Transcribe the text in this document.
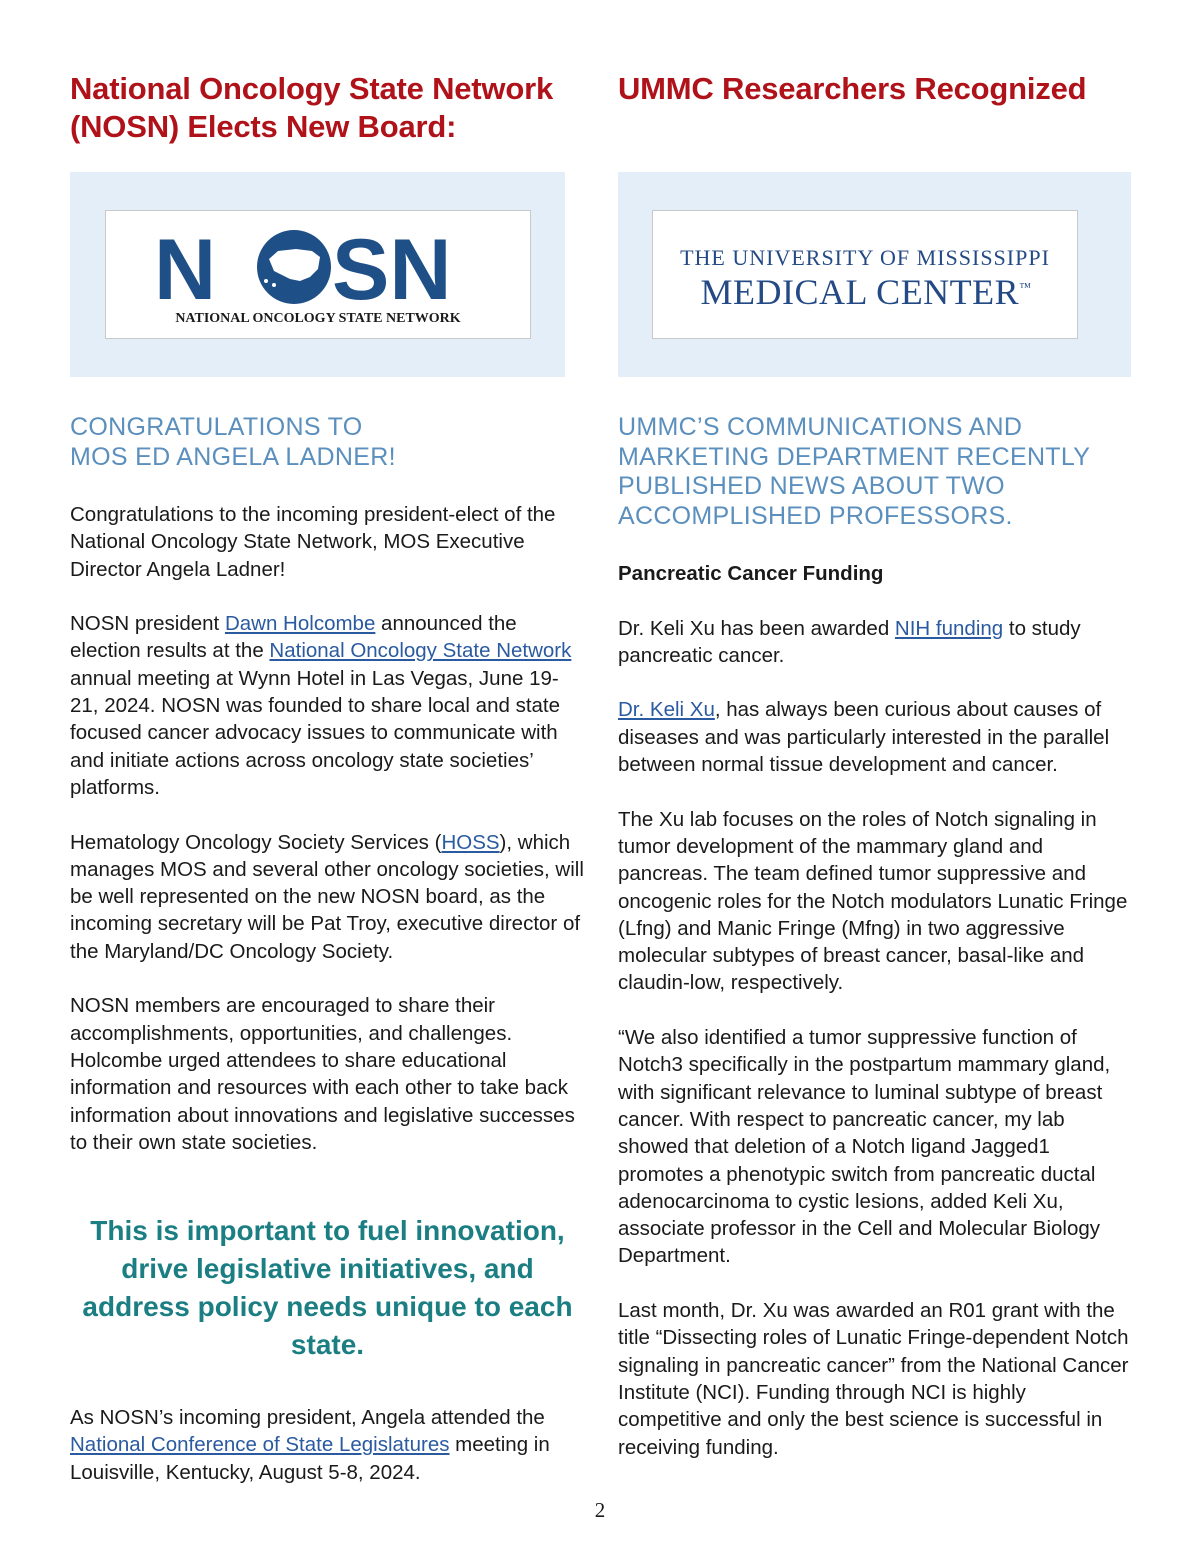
National Oncology State Network
(NOSN) Elects New Board:
N SN
NATIONAL ONCOLOGY STATE NETWORK
CONGRATULATIONS TO
MOS ED ANGELA LADNER!

Congratulations to the incoming president-elect of the National Oncology State Network, MOS Executive Director Angela Ladner!

NOSN president Dawn Holcombe announced the election results at the National Oncology State Network annual meeting at Wynn Hotel in Las Vegas, June 19-21, 2024. NOSN was founded to share local and state focused cancer advocacy issues to communicate with and initiate actions across oncology state societies’ platforms.

Hematology Oncology Society Services (HOSS), which manages MOS and several other oncology societies, will be well represented on the new NOSN board, as the incoming secretary will be Pat Troy, executive director of the Maryland/DC Oncology Society.

NOSN members are encouraged to share their accomplishments, opportunities, and challenges. Holcombe urged attendees to share educational information and resources with each other to take back information about innovations and legislative successes to their own state societies.

This is important to fuel innovation, drive legislative initiatives, and address policy needs unique to each state.

As NOSN’s incoming president, Angela attended the National Conference of State Legislatures meeting in Louisville, Kentucky, August 5-8, 2024.

UMMC Researchers Recognized
THE UNIVERSITY OF MISSISSIPPI
MEDICAL CENTER™
UMMC’S COMMUNICATIONS AND MARKETING DEPARTMENT RECENTLY PUBLISHED NEWS ABOUT TWO ACCOMPLISHED PROFESSORS.

Pancreatic Cancer Funding

Dr. Keli Xu has been awarded NIH funding to study pancreatic cancer.

Dr. Keli Xu, has always been curious about causes of diseases and was particularly interested in the parallel between normal tissue development and cancer.

The Xu lab focuses on the roles of Notch signaling in tumor development of the mammary gland and pancreas. The team defined tumor suppressive and oncogenic roles for the Notch modulators Lunatic Fringe (Lfng) and Manic Fringe (Mfng) in two aggressive molecular subtypes of breast cancer, basal-like and claudin-low, respectively.

“We also identified a tumor suppressive function of Notch3 specifically in the postpartum mammary gland, with significant relevance to luminal subtype of breast cancer. With respect to pancreatic cancer, my lab showed that deletion of a Notch ligand Jagged1 promotes a phenotypic switch from pancreatic ductal adenocarcinoma to cystic lesions, added Keli Xu, associate professor in the Cell and Molecular Biology Department.

Last month, Dr. Xu was awarded an R01 grant with the title “Dissecting roles of Lunatic Fringe-dependent Notch signaling in pancreatic cancer” from the National Cancer Institute (NCI). Funding through NCI is highly competitive and only the best science is successful in receiving funding.

2
